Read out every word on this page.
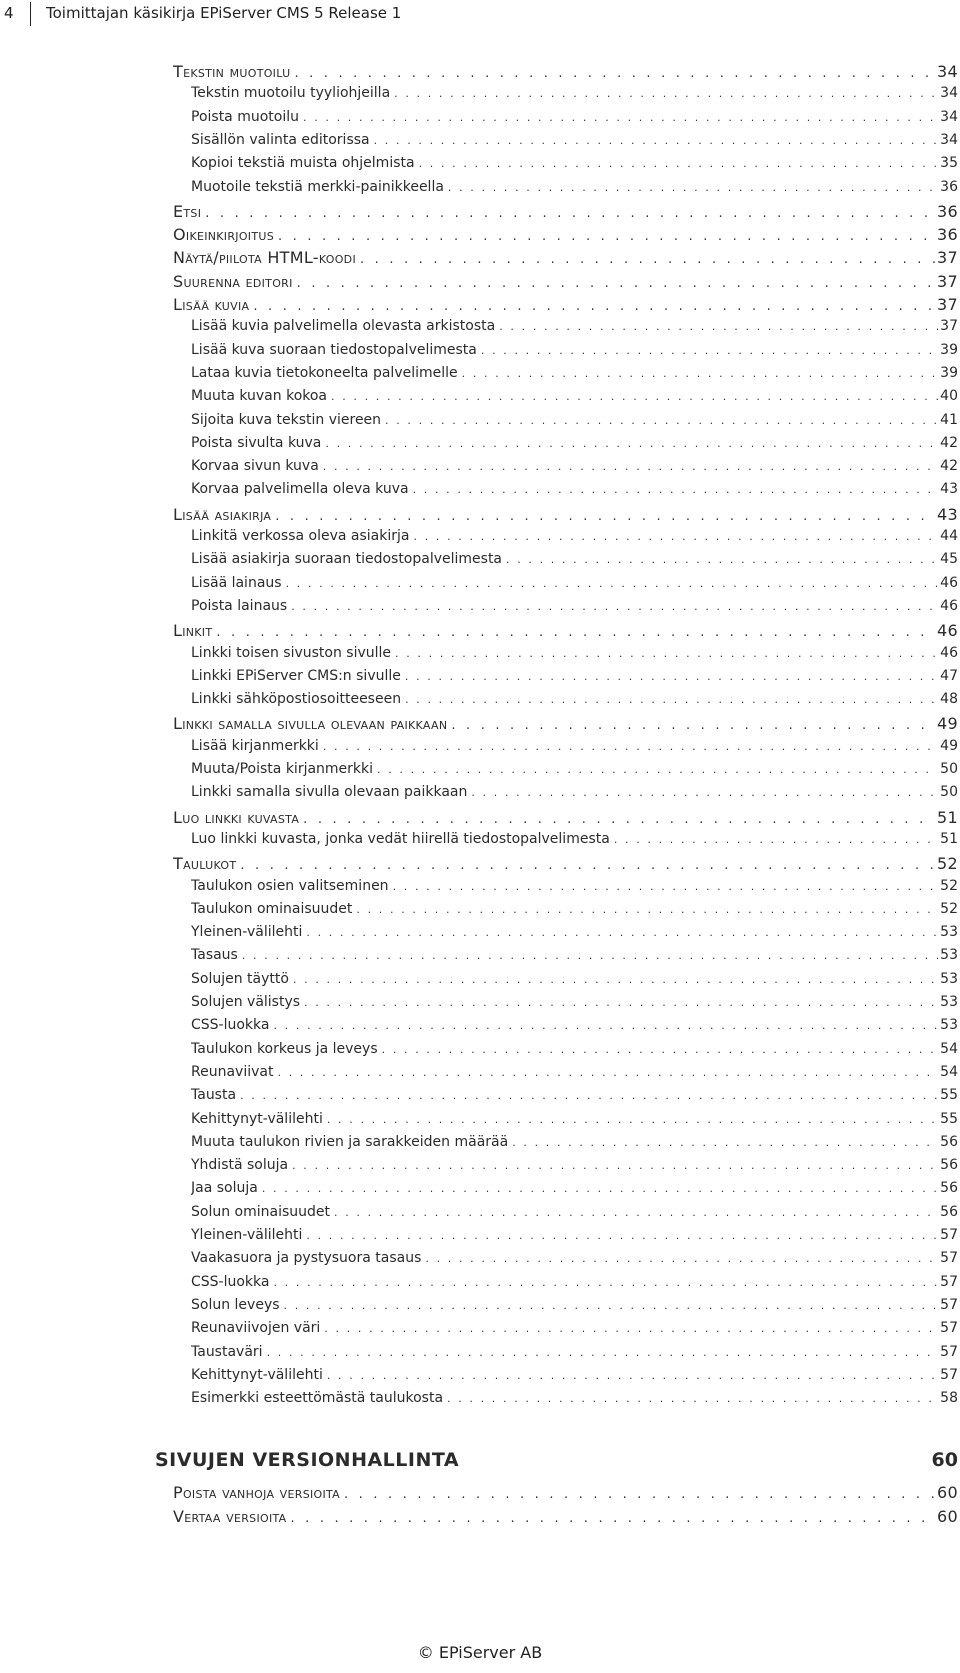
4 Toimittajan käsikirja EPiServer CMS 5 Release 1
Tekstin muotoilu . . .	34
Tekstin muotoilu tyyliohjeilla . . .	34
Poista muotoilu . . .	34
Sisällön valinta editorissa . . .	34
Kopioi tekstiä muista ohjelmista . . .	35
Muotoile tekstiä merkki-painikkeella . . .	36
Etsi . . .	36
Oikeinkirjoitus . . .	36
Näytä/piilota HTML-koodi . . .	37
Suurenna editori . . .	37
Lisää kuvia . . .	37
Lisää kuvia palvelimella olevasta arkistosta . . .	37
Lisää kuva suoraan tiedostopalvelimesta . . .	39
Lataa kuvia tietokoneelta palvelimelle . . .	39
Muuta kuvan kokoa . . .	40
Sijoita kuva tekstin viereen . . .	41
Poista sivulta kuva . . .	42
Korvaa sivun kuva . . .	42
Korvaa palvelimella oleva kuva . . .	43
Lisää asiakirja . . .	43
Linkitä verkossa oleva asiakirja . . .	44
Lisää asiakirja suoraan tiedostopalvelimesta . . .	45
Lisää lainaus . . .	46
Poista lainaus . . .	46
Linkit . . .	46
Linkki toisen sivuston sivulle . . .	46
Linkki EPiServer CMS:n sivulle . . .	47
Linkki sähköpostiosoitteeseen . . .	48
Linkki samalla sivulla olevaan paikkaan . . .	49
Lisää kirjanmerkki . . .	49
Muuta/Poista kirjanmerkki . . .	50
Linkki samalla sivulla olevaan paikkaan . . .	50
Luo linkki kuvasta . . .	51
Luo linkki kuvasta, jonka vedät hiirellä tiedostopalvelimesta . . .	51
Taulukot . . .	52
Taulukon osien valitseminen . . .	52
Taulukon ominaisuudet . . .	52
Yleinen-välilehti . . .	53
Tasaus . . .	53
Solujen täyttö . . .	53
Solujen välistys . . .	53
CSS-luokka . . .	53
Taulukon korkeus ja leveys . . .	54
Reunaviivat . . .	54
Tausta . . .	55
Kehittynyt-välilehti . . .	55
Muuta taulukon rivien ja sarakkeiden määrää . . .	56
Yhdistä soluja . . .	56
Jaa soluja . . .	56
Solun ominaisuudet . . .	56
Yleinen-välilehti . . .	57
Vaakasuora ja pystysuora tasaus . . .	57
CSS-luokka . . .	57
Solun leveys . . .	57
Reunaviivojen väri . . .	57
Taustaväri . . .	57
Kehittynyt-välilehti . . .	57
Esimerkki esteettömästä taulukosta . . .	58
SIVUJEN VERSIONHALLINTA	60
Poista vanhoja versioita . . .	60
Vertaa versioita . . .	60
© EPiServer AB
